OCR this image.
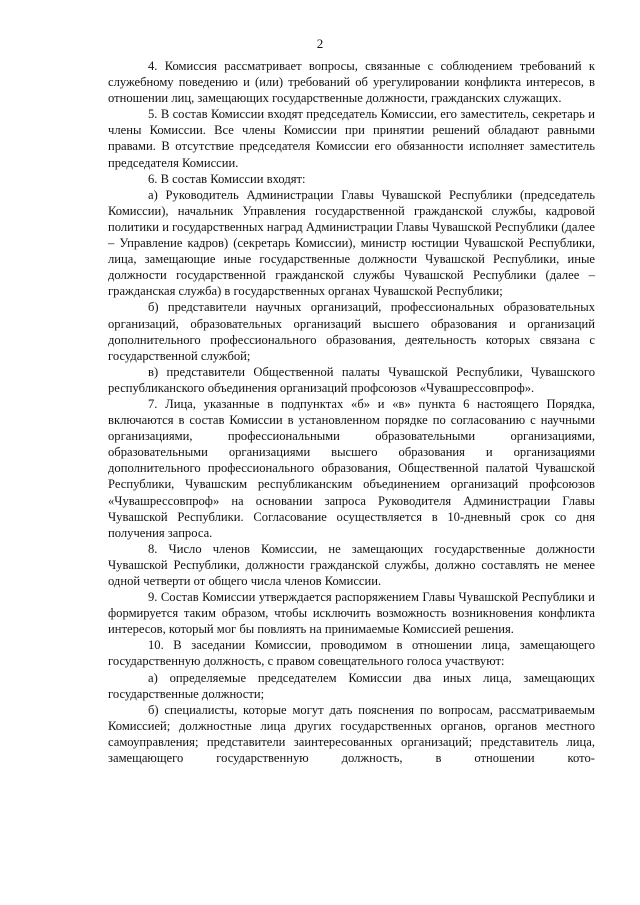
2

4. Комиссия рассматривает вопросы, связанные с соблюдением требований к служебному поведению и (или) требований об урегулировании конфликта интересов, в отношении лиц, замещающих государственные должности, гражданских служащих.

5. В состав Комиссии входят председатель Комиссии, его заместитель, секретарь и члены Комиссии. Все члены Комиссии при принятии решений обладают равными правами. В отсутствие председателя Комиссии его обязанности исполняет заместитель председателя Комиссии.

6. В состав Комиссии входят:

а) Руководитель Администрации Главы Чувашской Республики (председатель Комиссии), начальник Управления государственной гражданской службы, кадровой политики и государственных наград Администрации Главы Чувашской Республики (далее – Управление кадров) (секретарь Комиссии), министр юстиции Чувашской Республики, лица, замещающие иные государственные должности Чувашской Республики, иные должности государственной гражданской службы Чувашской Республики (далее – гражданская служба) в государственных органах Чувашской Республики;

б) представители научных организаций, профессиональных образовательных организаций, образовательных организаций высшего образования и организаций дополнительного профессионального образования, деятельность которых связана с государственной службой;

в) представители Общественной палаты Чувашской Республики, Чувашского республиканского объединения организаций профсоюзов «Чувашрессовпроф».

7. Лица, указанные в подпунктах «б» и «в» пункта 6 настоящего Порядка, включаются в состав Комиссии в установленном порядке по согласованию с научными организациями, профессиональными образовательными организациями, образовательными организациями высшего образования и организациями дополнительного профессионального образования, Общественной палатой Чувашской Республики, Чувашским республиканским объединением организаций профсоюзов «Чувашрессовпроф» на основании запроса Руководителя Администрации Главы Чувашской Республики. Согласование осуществляется в 10-дневный срок со дня получения запроса.

8. Число членов Комиссии, не замещающих государственные должности Чувашской Республики, должности гражданской службы, должно составлять не менее одной четверти от общего числа членов Комиссии.

9. Состав Комиссии утверждается распоряжением Главы Чувашской Республики и формируется таким образом, чтобы исключить возможность возникновения конфликта интересов, который мог бы повлиять на принимаемые Комиссией решения.

10. В заседании Комиссии, проводимом в отношении лица, замещающего государственную должность, с правом совещательного голоса участвуют:

а) определяемые председателем Комиссии два иных лица, замещающих государственные должности;

б) специалисты, которые могут дать пояснения по вопросам, рассматриваемым Комиссией; должностные лица других государственных органов, органов местного самоуправления; представители заинтересованных организаций; представитель лица, замещающего государственную должность, в отношении кото-
